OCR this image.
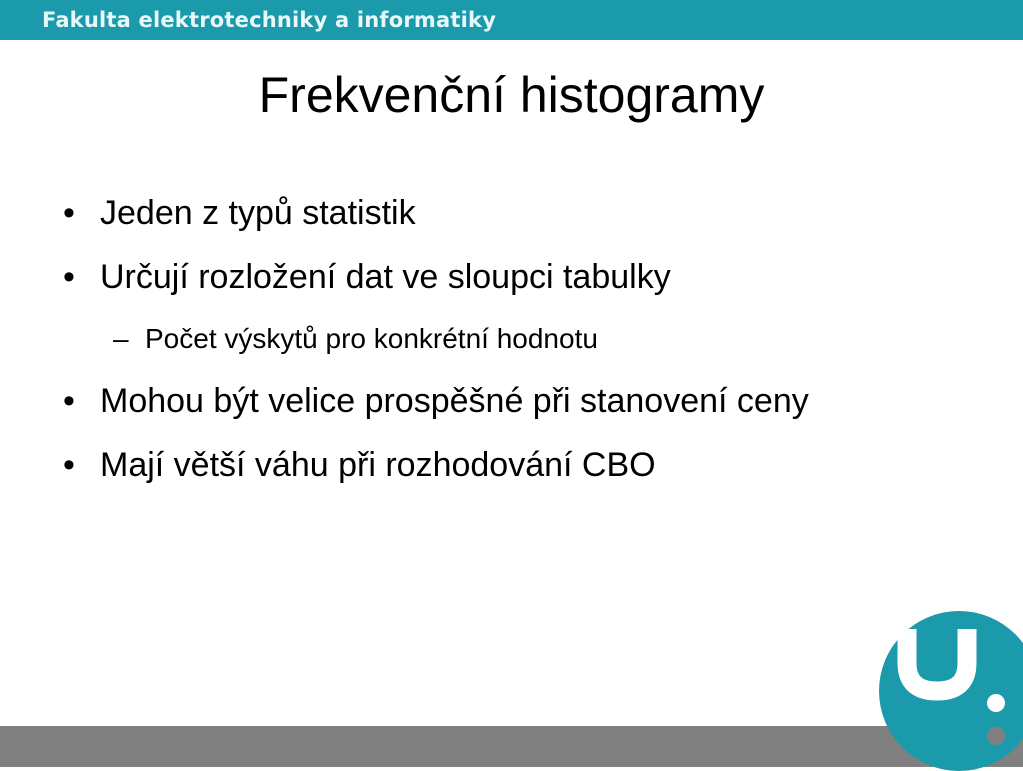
Fakulta elektrotechniky a informatiky
Frekvenční histogramy
• Jeden z typů statistik
• Určují rozložení dat ve sloupci tabulky
– Počet výskytů pro konkrétní hodnotu
• Mohou být velice prospěšné při stanovení ceny
• Mají větší váhu při rozhodování CBO
